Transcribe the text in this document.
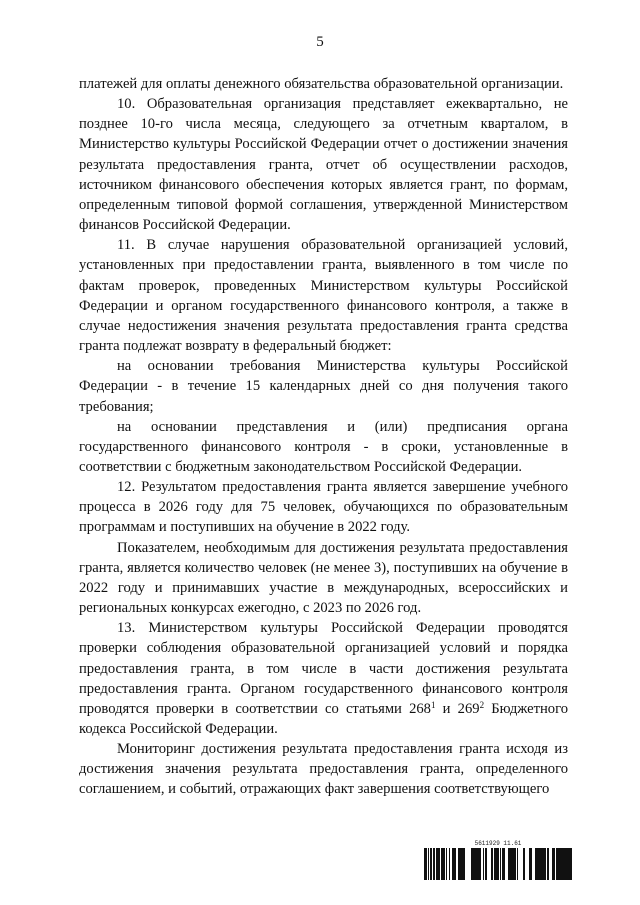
5

платежей для оплаты денежного обязательства образовательной организации.

10. Образовательная организация представляет ежеквартально, не позднее 10-го числа месяца, следующего за отчетным кварталом, в Министерство культуры Российской Федерации отчет о достижении значения результата предоставления гранта, отчет об осуществлении расходов, источником финансового обеспечения которых является грант, по формам, определенным типовой формой соглашения, утвержденной Министерством финансов Российской Федерации.

11. В случае нарушения образовательной организацией условий, установленных при предоставлении гранта, выявленного в том числе по фактам проверок, проведенных Министерством культуры Российской Федерации и органом государственного финансового контроля, а также в случае недостижения значения результата предоставления гранта средства гранта подлежат возврату в федеральный бюджет:

на основании требования Министерства культуры Российской Федерации - в течение 15 календарных дней со дня получения такого требования;

на основании представления и (или) предписания органа государственного финансового контроля - в сроки, установленные в соответствии с бюджетным законодательством Российской Федерации.

12. Результатом предоставления гранта является завершение учебного процесса в 2026 году для 75 человек, обучающихся по образовательным программам и поступивших на обучение в 2022 году.

Показателем, необходимым для достижения результата предоставления гранта, является количество человек (не менее 3), поступивших на обучение в 2022 году и принимавших участие в международных, всероссийских и региональных конкурсах ежегодно, с 2023 по 2026 год.

13. Министерством культуры Российской Федерации проводятся проверки соблюдения образовательной организацией условий и порядка предоставления гранта, в том числе в части достижения результата предоставления гранта. Органом государственного финансового контроля проводятся проверки в соответствии со статьями $268^1$ и $269^2$ Бюджетного кодекса Российской Федерации.

Мониторинг достижения результата предоставления гранта исходя из достижения значения результата предоставления гранта, определенного соглашением, и событий, отражающих факт завершения соответствующего

5611929 11.61
